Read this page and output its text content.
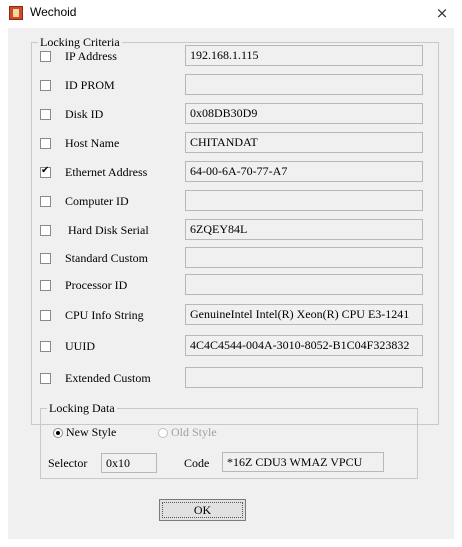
Wechoid	×
Locking Criteria
IP Address	192.168.1.115
ID PROM
Disk ID	0x08DB30D9
Host Name	CHITANDAT
✔
Ethernet Address	64-00-6A-70-77-A7
Computer ID
Hard Disk Serial	6ZQEY84L
Standard Custom
Processor ID
CPU Info String	GenuineIntel Intel(R) Xeon(R) CPU E3-1241
UUID	4C4C4544-004A-3010-8052-B1C04F323832
Extended Custom
Locking Data
New Style	Old Style
Selector	0x10	Code	*16Z CDU3 WMAZ VPCU
OK
